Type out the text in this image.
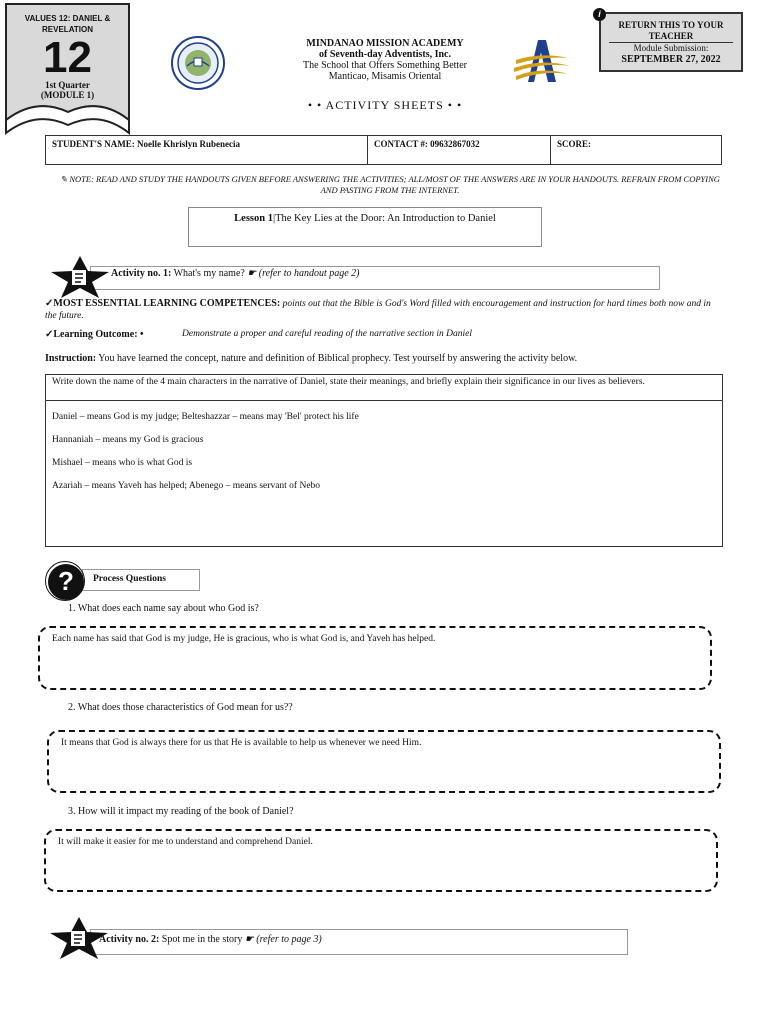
VALUES 12: DANIEL & REVELATION
12
1st Quarter
(MODULE 1)
MINDANAO MISSION ACADEMY
of Seventh-day Adventists, Inc.
The School that Offers Something Better
Manticao, Misamis Oriental
• • ACTIVITY SHEETS • •
RETURN THIS TO YOUR TEACHER
Module Submission:
SEPTEMBER 27, 2022
i
STUDENT'S NAME: Noelle Khrislyn Rubenecia	CONTACT #: 09632867032	SCORE:
✎ NOTE: READ AND STUDY THE HANDOUTS GIVEN BEFORE ANSWERING THE ACTIVITIES; ALL/MOST OF THE ANSWERS ARE IN YOUR HANDOUTS. REFRAIN FROM COPYING AND PASTING FROM THE INTERNET.
Lesson 1|The Key Lies at the Door: An Introduction to Daniel
Activity no. 1: What's my name? ☛ (refer to handout page 2)
✓MOST ESSENTIAL LEARNING COMPETENCES: points out that the Bible is God's Word filled with encouragement and instruction for hard times both now and in the future.
✓Learning Outcome: •	Demonstrate a proper and careful reading of the narrative section in Daniel
Instruction: You have learned the concept, nature and definition of Biblical prophecy. Test yourself by answering the activity below.
Write down the name of the 4 main characters in the narrative of Daniel, state their meanings, and briefly explain their significance in our lives as believers.
Daniel – means God is my judge; Belteshazzar – means may 'Bel' protect his life
Hannaniah – means my God is gracious
Mishael – means who is what God is
Azariah – means Yaveh has helped; Abenego – means servant of Nebo
Process Questions
?
1. What does each name say about who God is?
Each name has said that God is my judge, He is gracious, who is what God is, and Yaveh has helped.
2. What does those characteristics of God mean for us??
It means that God is always there for us that He is available to help us whenever we need Him.
3. How will it impact my reading of the book of Daniel?
It will make it easier for me to understand and comprehend Daniel.
Activity no. 2: Spot me in the story ☛ (refer to page 3)
